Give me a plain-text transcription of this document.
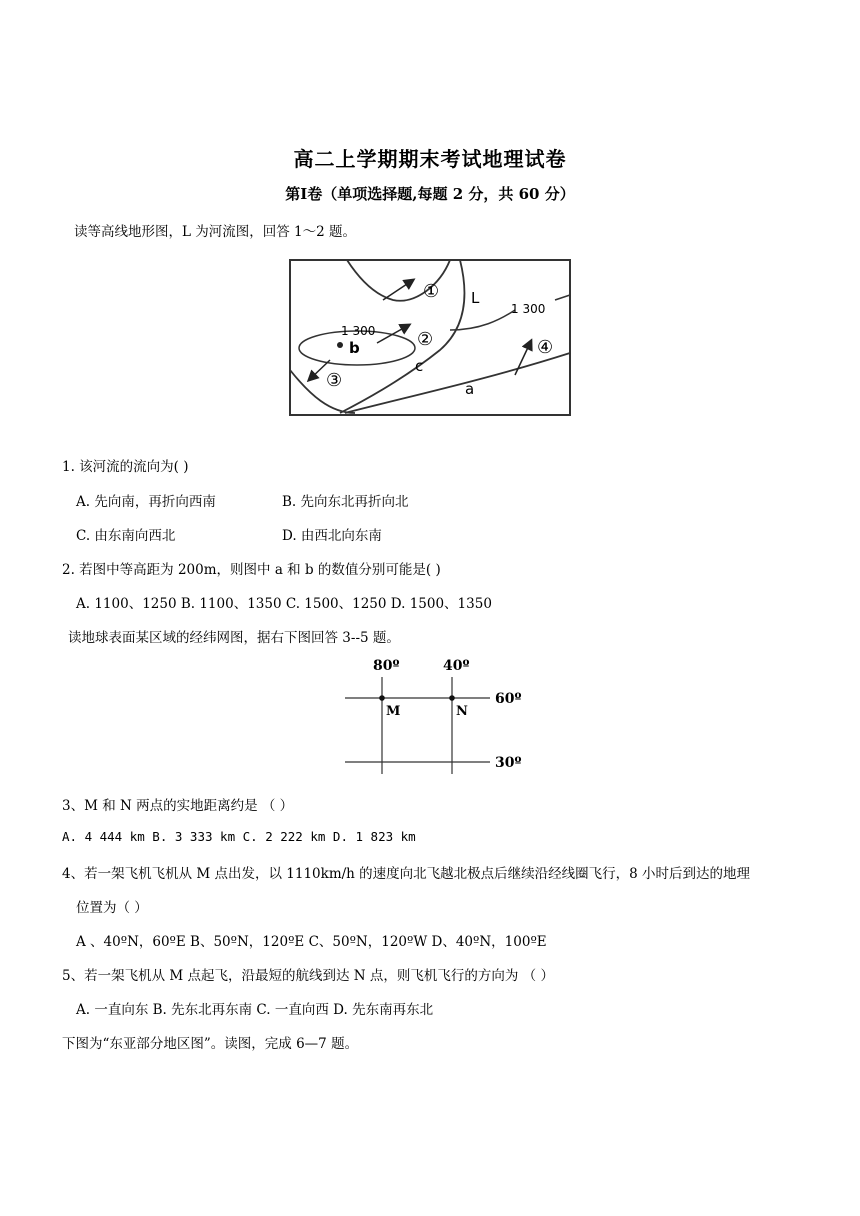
高二上学期期末考试地理试卷
第Ⅰ卷（单项选择题,每题 2 分，共 60 分）
读等高线地形图，L 为河流图，回答 1～2 题。
①
②
③
④
L
1 300
1 300
b
c
a
1. 该河流的流向为( )
A. 先向南，再折向西南	B. 先向东北再折向北
C. 由东南向西北	D. 由西北向东南
2. 若图中等高距为 200m，则图中 a 和 b 的数值分别可能是( )
A. 1100、1250 B. 1100、1350 C. 1500、1250 D. 1500、1350
读地球表面某区域的经纬网图，据右下图回答 3--5 题。
80º	40º
60º
30º
M	N
3、M 和 N 两点的实地距离约是 （ ）
A. 4 444 km B. 3 333 km C. 2 222 km D. 1 823 km
4、若一架飞机飞机从 M 点出发，以 1110km/h 的速度向北飞越北极点后继续沿经线圈飞行，8 小时后到达的地理
位置为（ ）
A 、40ºN，60ºE B、50ºN，120ºE C、50ºN，120ºW D、40ºN，100ºE
5、若一架飞机从 M 点起飞，沿最短的航线到达 N 点，则飞机飞行的方向为 （ ）
A. 一直向东 B. 先东北再东南 C. 一直向西 D. 先东南再东北
下图为“东亚部分地区图”。读图，完成 6—7 题。
